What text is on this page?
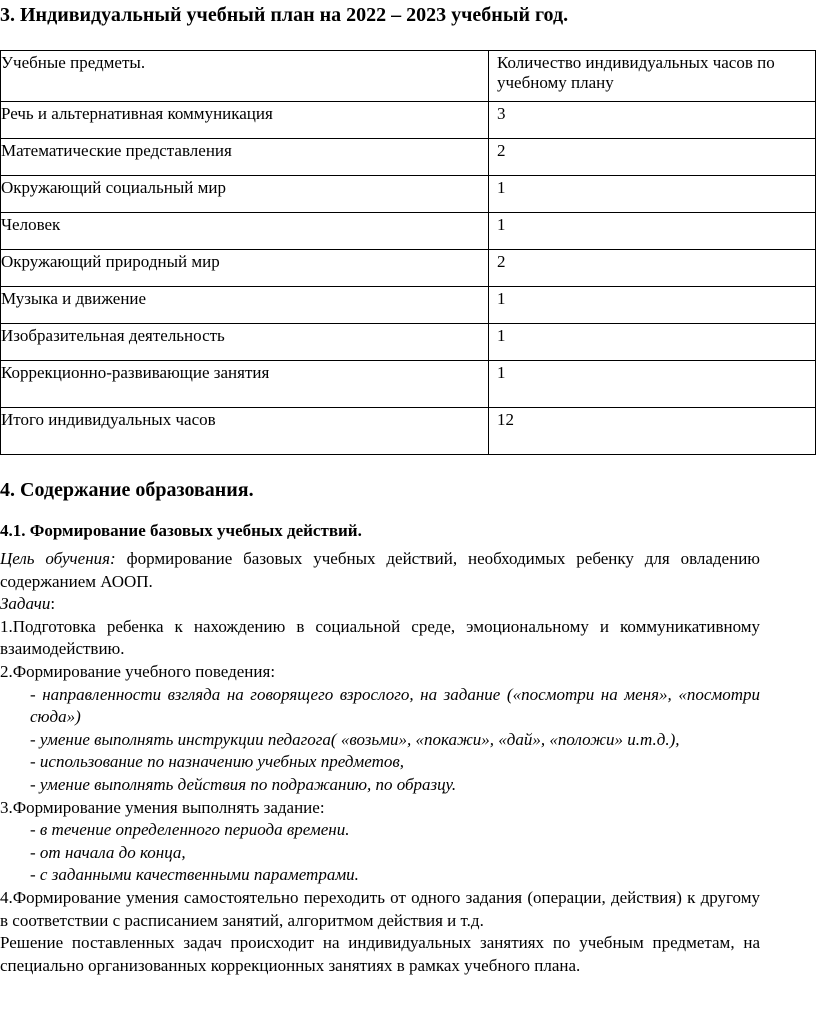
3. Индивидуальный учебный план на 2022 – 2023 учебный год.
Учебные предметы.	Количество индивидуальных часов по учебному плану
Речь и альтернативная коммуникация	3
Математические представления	2
Окружающий социальный мир	1
Человек	1
Окружающий природный мир	2
Музыка и движение	1
Изобразительная деятельность	1
Коррекционно-развивающие занятия	1
Итого индивидуальных часов	12
4. Содержание образования.
4.1. Формирование базовых учебных действий.

Цель обучения: формирование базовых учебных действий, необходимых ребенку для овладению содержанием АООП.

Задачи:

1.Подготовка ребенка к нахождению в социальной среде, эмоциональному и коммуникативному взаимодействию.

2.Формирование учебного поведения:

- направленности взгляда на говорящего взрослого, на задание («посмотри на меня», «посмотри сюда»)

- умение выполнять инструкции педагога( «возьми», «покажи», «дай», «положи» и.т.д.),

- использование по назначению учебных предметов,

- умение выполнять действия по подражанию, по образцу.

3.Формирование умения выполнять задание:

- в течение определенного периода времени.

- от начала до конца,

- с заданными качественными параметрами.

4.Формирование умения самостоятельно переходить от одного задания (операции, действия) к другому в соответствии с расписанием занятий, алгоритмом действия и т.д.

Решение поставленных задач происходит на индивидуальных занятиях по учебным предметам, на специально организованных коррекционных занятиях в рамках учебного плана.
